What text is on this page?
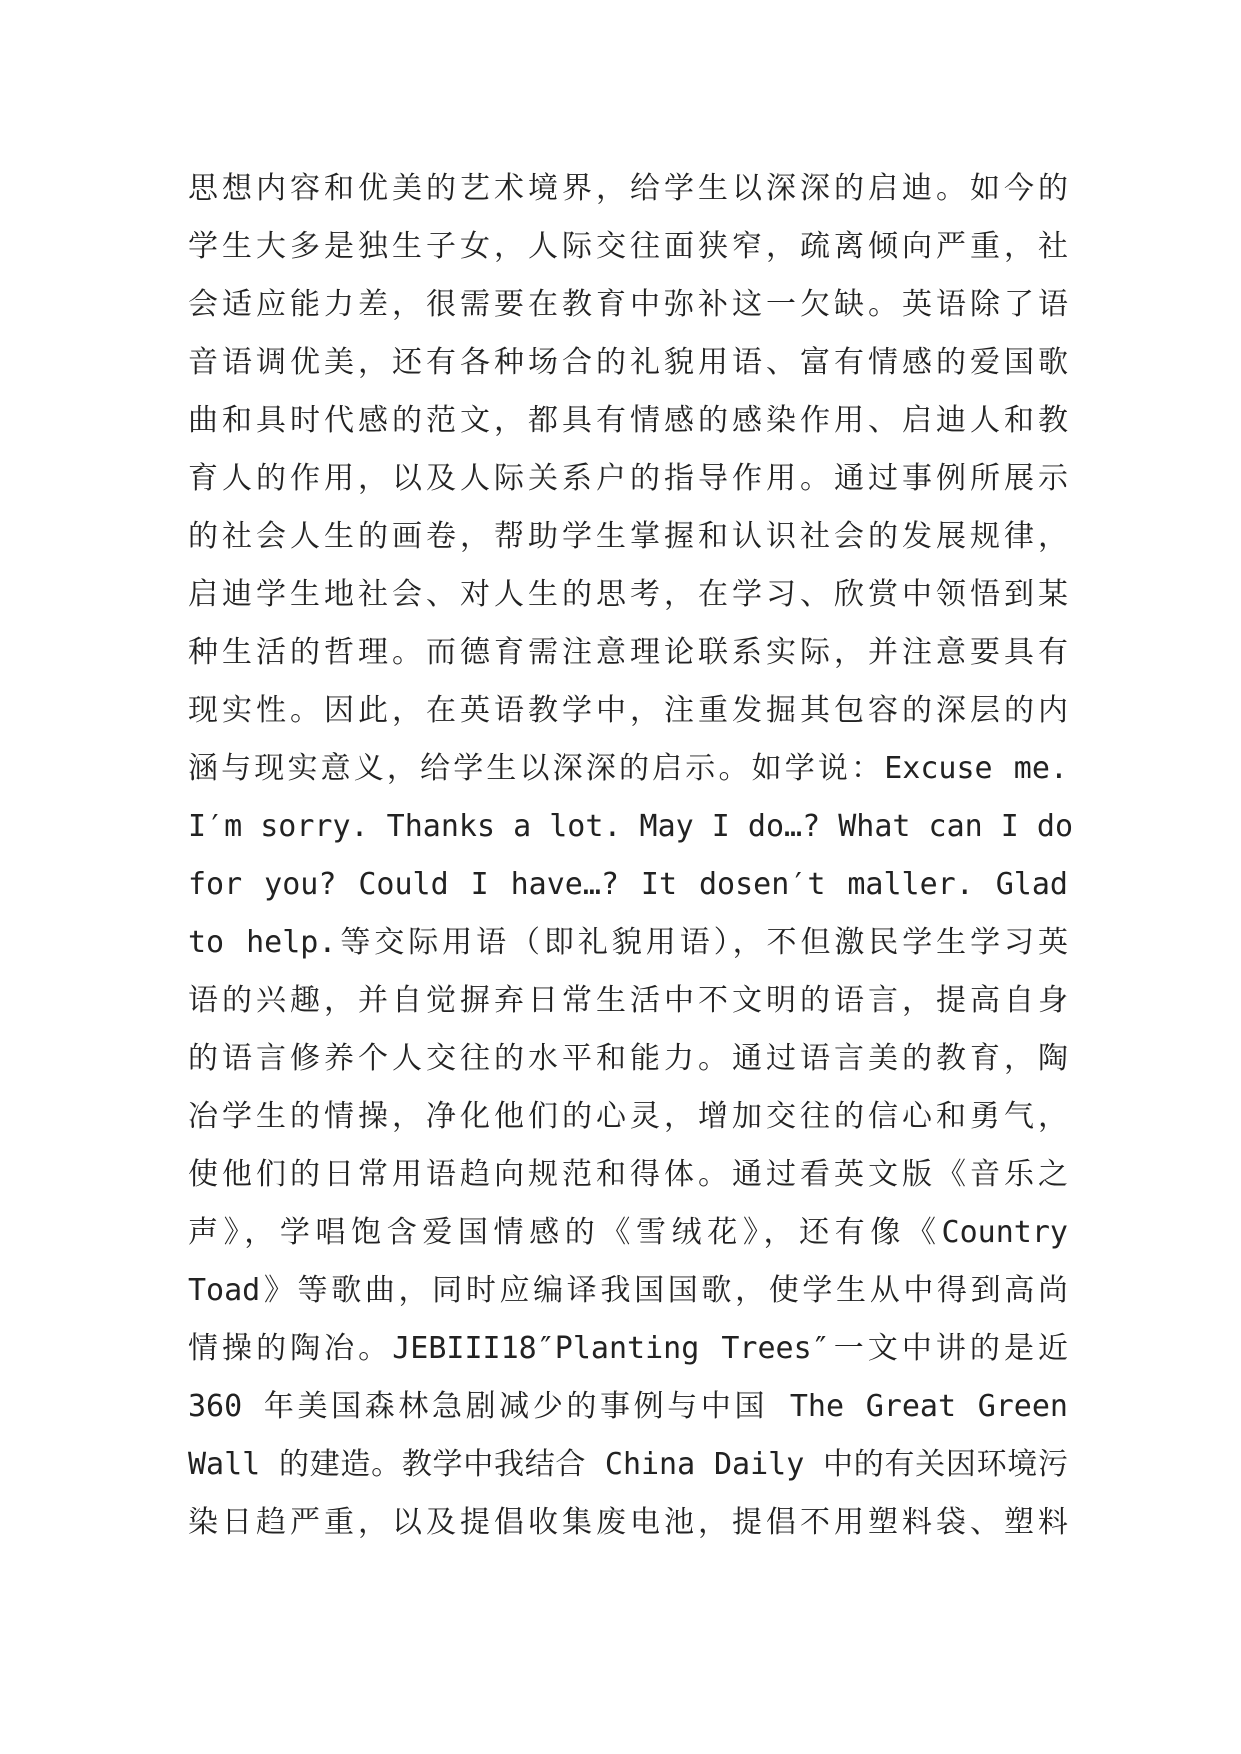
思想内容和优美的艺术境界，给学生以深深的启迪。如今的
学生大多是独生子女，人际交往面狭窄，疏离倾向严重，社
会适应能力差，很需要在教育中弥补这一欠缺。英语除了语
音语调优美，还有各种场合的礼貌用语、富有情感的爱国歌
曲和具时代感的范文，都具有情感的感染作用、启迪人和教
育人的作用，以及人际关系户的指导作用。通过事例所展示
的社会人生的画卷，帮助学生掌握和认识社会的发展规律，
启迪学生地社会、对人生的思考，在学习、欣赏中领悟到某
种生活的哲理。而德育需注意理论联系实际，并注意要具有
现实性。因此，在英语教学中，注重发掘其包容的深层的内
涵与现实意义，给学生以深深的启示。如学说：Excuse me.
I′m sorry. Thanks a lot. May I do…? What can I do
for you? Could I have…? It dosen′t maller. Glad
to help.等交际用语（即礼貌用语），不但激民学生学习英
语的兴趣，并自觉摒弃日常生活中不文明的语言，提高自身
的语言修养个人交往的水平和能力。通过语言美的教育，陶
冶学生的情操，净化他们的心灵，增加交往的信心和勇气，
使他们的日常用语趋向规范和得体。通过看英文版《音乐之
声》，学唱饱含爱国情感的《雪绒花》，还有像《Country
Toad》等歌曲，同时应编译我国国歌，使学生从中得到高尚
情操的陶冶。JEBIII18″Planting Trees″一文中讲的是近
360 年美国森林急剧减少的事例与中国 The Great Green
Wall 的建造。教学中我结合 China Daily 中的有关因环境污
染日趋严重，以及提倡收集废电池，提倡不用塑料袋、塑料
